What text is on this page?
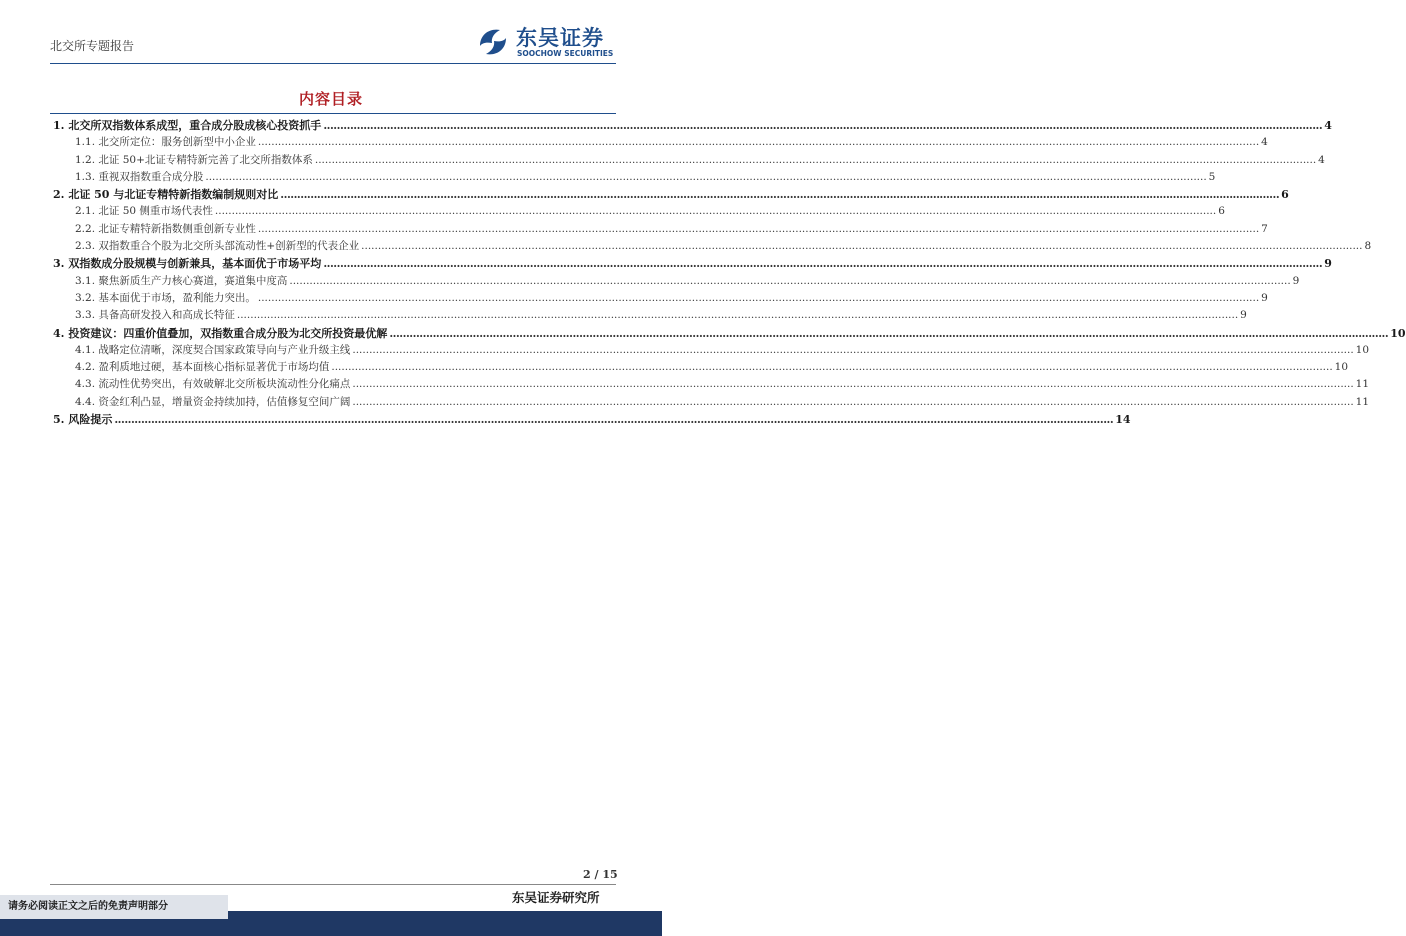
北交所专题报告	东吴证券
SOOCHOW SECURITIES
内容目录
1. 北交所双指数体系成型，重合成分股成核心投资抓手 ............................................................................................................................................................................................................................................................................................................ 4
1.1. 北交所定位：服务创新型中小企业 ............................................................................................................................................................................................................................................................................................................ 4
1.2. 北证 50+北证专精特新完善了北交所指数体系 ............................................................................................................................................................................................................................................................................................................ 4
1.3. 重视双指数重合成分股 ............................................................................................................................................................................................................................................................................................................ 5
2. 北证 50 与北证专精特新指数编制规则对比 ............................................................................................................................................................................................................................................................................................................ 6
2.1. 北证 50 侧重市场代表性 ............................................................................................................................................................................................................................................................................................................ 6
2.2. 北证专精特新指数侧重创新专业性 ............................................................................................................................................................................................................................................................................................................ 7
2.3. 双指数重合个股为北交所头部流动性+创新型的代表企业 ............................................................................................................................................................................................................................................................................................................ 8
3. 双指数成分股规模与创新兼具，基本面优于市场平均 ............................................................................................................................................................................................................................................................................................................ 9
3.1. 聚焦新质生产力核心赛道，赛道集中度高 ............................................................................................................................................................................................................................................................................................................ 9
3.2. 基本面优于市场，盈利能力突出。 ............................................................................................................................................................................................................................................................................................................ 9
3.3. 具备高研发投入和高成长特征 ............................................................................................................................................................................................................................................................................................................ 9
4. 投资建议：四重价值叠加，双指数重合成分股为北交所投资最优解 ............................................................................................................................................................................................................................................................................................................ 10
4.1. 战略定位清晰，深度契合国家政策导向与产业升级主线 ............................................................................................................................................................................................................................................................................................................ 10
4.2. 盈利质地过硬，基本面核心指标显著优于市场均值 ............................................................................................................................................................................................................................................................................................................ 10
4.3. 流动性优势突出，有效破解北交所板块流动性分化痛点 ............................................................................................................................................................................................................................................................................................................ 11
4.4. 资金红利凸显，增量资金持续加持，估值修复空间广阔 ............................................................................................................................................................................................................................................................................................................ 11
5. 风险提示 ............................................................................................................................................................................................................................................................................................................ 14
2 / 15
东吴证券研究所
请务必阅读正文之后的免责声明部分
